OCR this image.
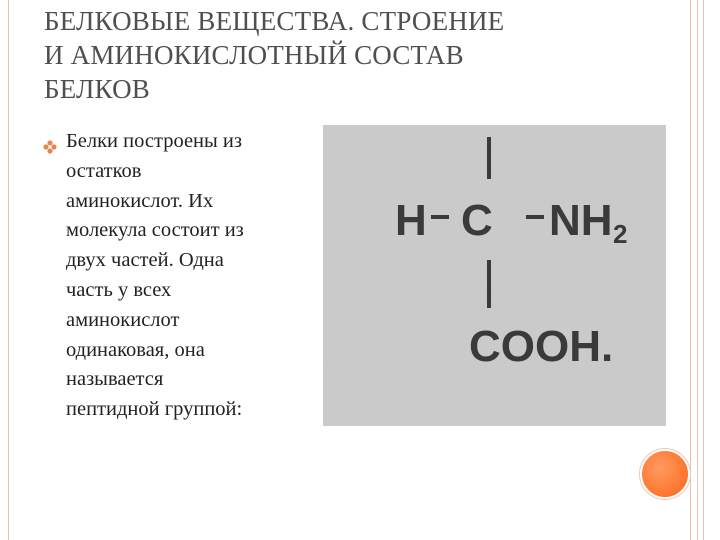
БЕЛКОВЫЕ ВЕЩЕСТВА. СТРОЕНИЕ
И АМИНОКИСЛОТНЫЙ СОСТАВ
БЕЛКОВ
Белки построены из
остатков
аминокислот. Их
молекула состоит из
двух частей. Одна
часть у всех
аминокислот
одинаковая, она
называется
пептидной группой:
H C NH 2
COOH.
